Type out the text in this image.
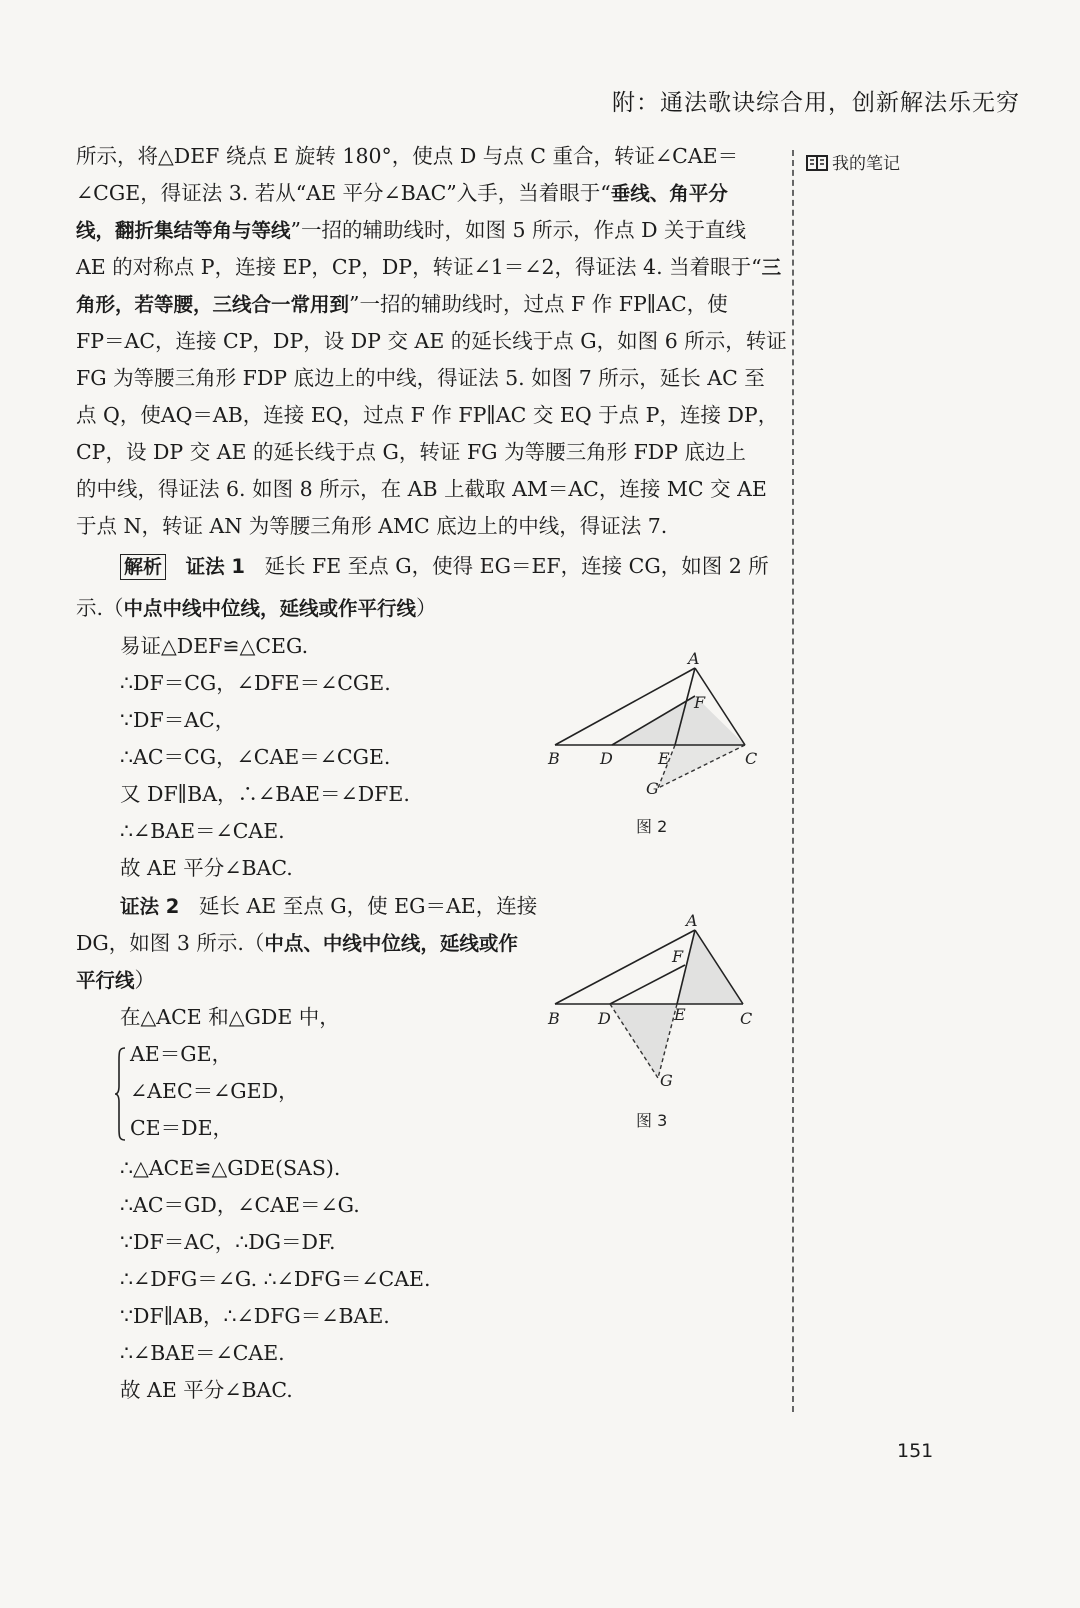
附：通法歌诀综合用，创新解法乐无穷
我的笔记
所示，将△DEF 绕点 E 旋转 180°，使点 D 与点 C 重合，转证∠CAE＝
∠CGE，得证法 3. 若从“AE 平分∠BAC”入手，当着眼于“垂线、角平分
线，翻折集结等角与等线”一招的辅助线时，如图 5 所示，作点 D 关于直线
AE 的对称点 P，连接 EP，CP，DP，转证∠1＝∠2，得证法 4. 当着眼于“三
角形，若等腰，三线合一常用到”一招的辅助线时，过点 F 作 FP∥AC，使
FP＝AC，连接 CP，DP，设 DP 交 AE 的延长线于点 G，如图 6 所示，转证
FG 为等腰三角形 FDP 底边上的中线，得证法 5. 如图 7 所示，延长 AC 至
点 Q，使AQ＝AB，连接 EQ，过点 F 作 FP∥AC 交 EQ 于点 P，连接 DP，
CP，设 DP 交 AE 的延长线于点 G，转证 FG 为等腰三角形 FDP 底边上
的中线，得证法 6. 如图 8 所示，在 AB 上截取 AM＝AC，连接 MC 交 AE
于点 N，转证 AN 为等腰三角形 AMC 底边上的中线，得证法 7.
解析 证法 1 延长 FE 至点 G，使得 EG＝EF，连接 CG，如图 2 所
示.（中点中线中位线，延线或作平行线）
易证△DEF≌△CEG.
∴DF＝CG，∠DFE＝∠CGE.
∵DF＝AC，
∴AC＝CG，∠CAE＝∠CGE.
又 DF∥BA，∴∠BAE＝∠DFE.
∴∠BAE＝∠CAE.
故 AE 平分∠BAC.
证法 2 延长 AE 至点 G，使 EG＝AE，连接
DG，如图 3 所示.（中点、中线中位线，延线或作
平行线）
在△ACE 和△GDE 中，
AE＝GE，
∠AEC＝∠GED，
CE＝DE，
∴△ACE≌△GDE(SAS).
∴AC＝GD，∠CAE＝∠G.
∵DF＝AC，∴DG＝DF.
∴∠DFG＝∠G. ∴∠DFG＝∠CAE.
∵DF∥AB，∴∠DFG＝∠BAE.
∴∠BAE＝∠CAE.
故 AE 平分∠BAC.
A
F
B	D	E	C
G
图 2
A
F
B D	E	C
G
图 3
151
